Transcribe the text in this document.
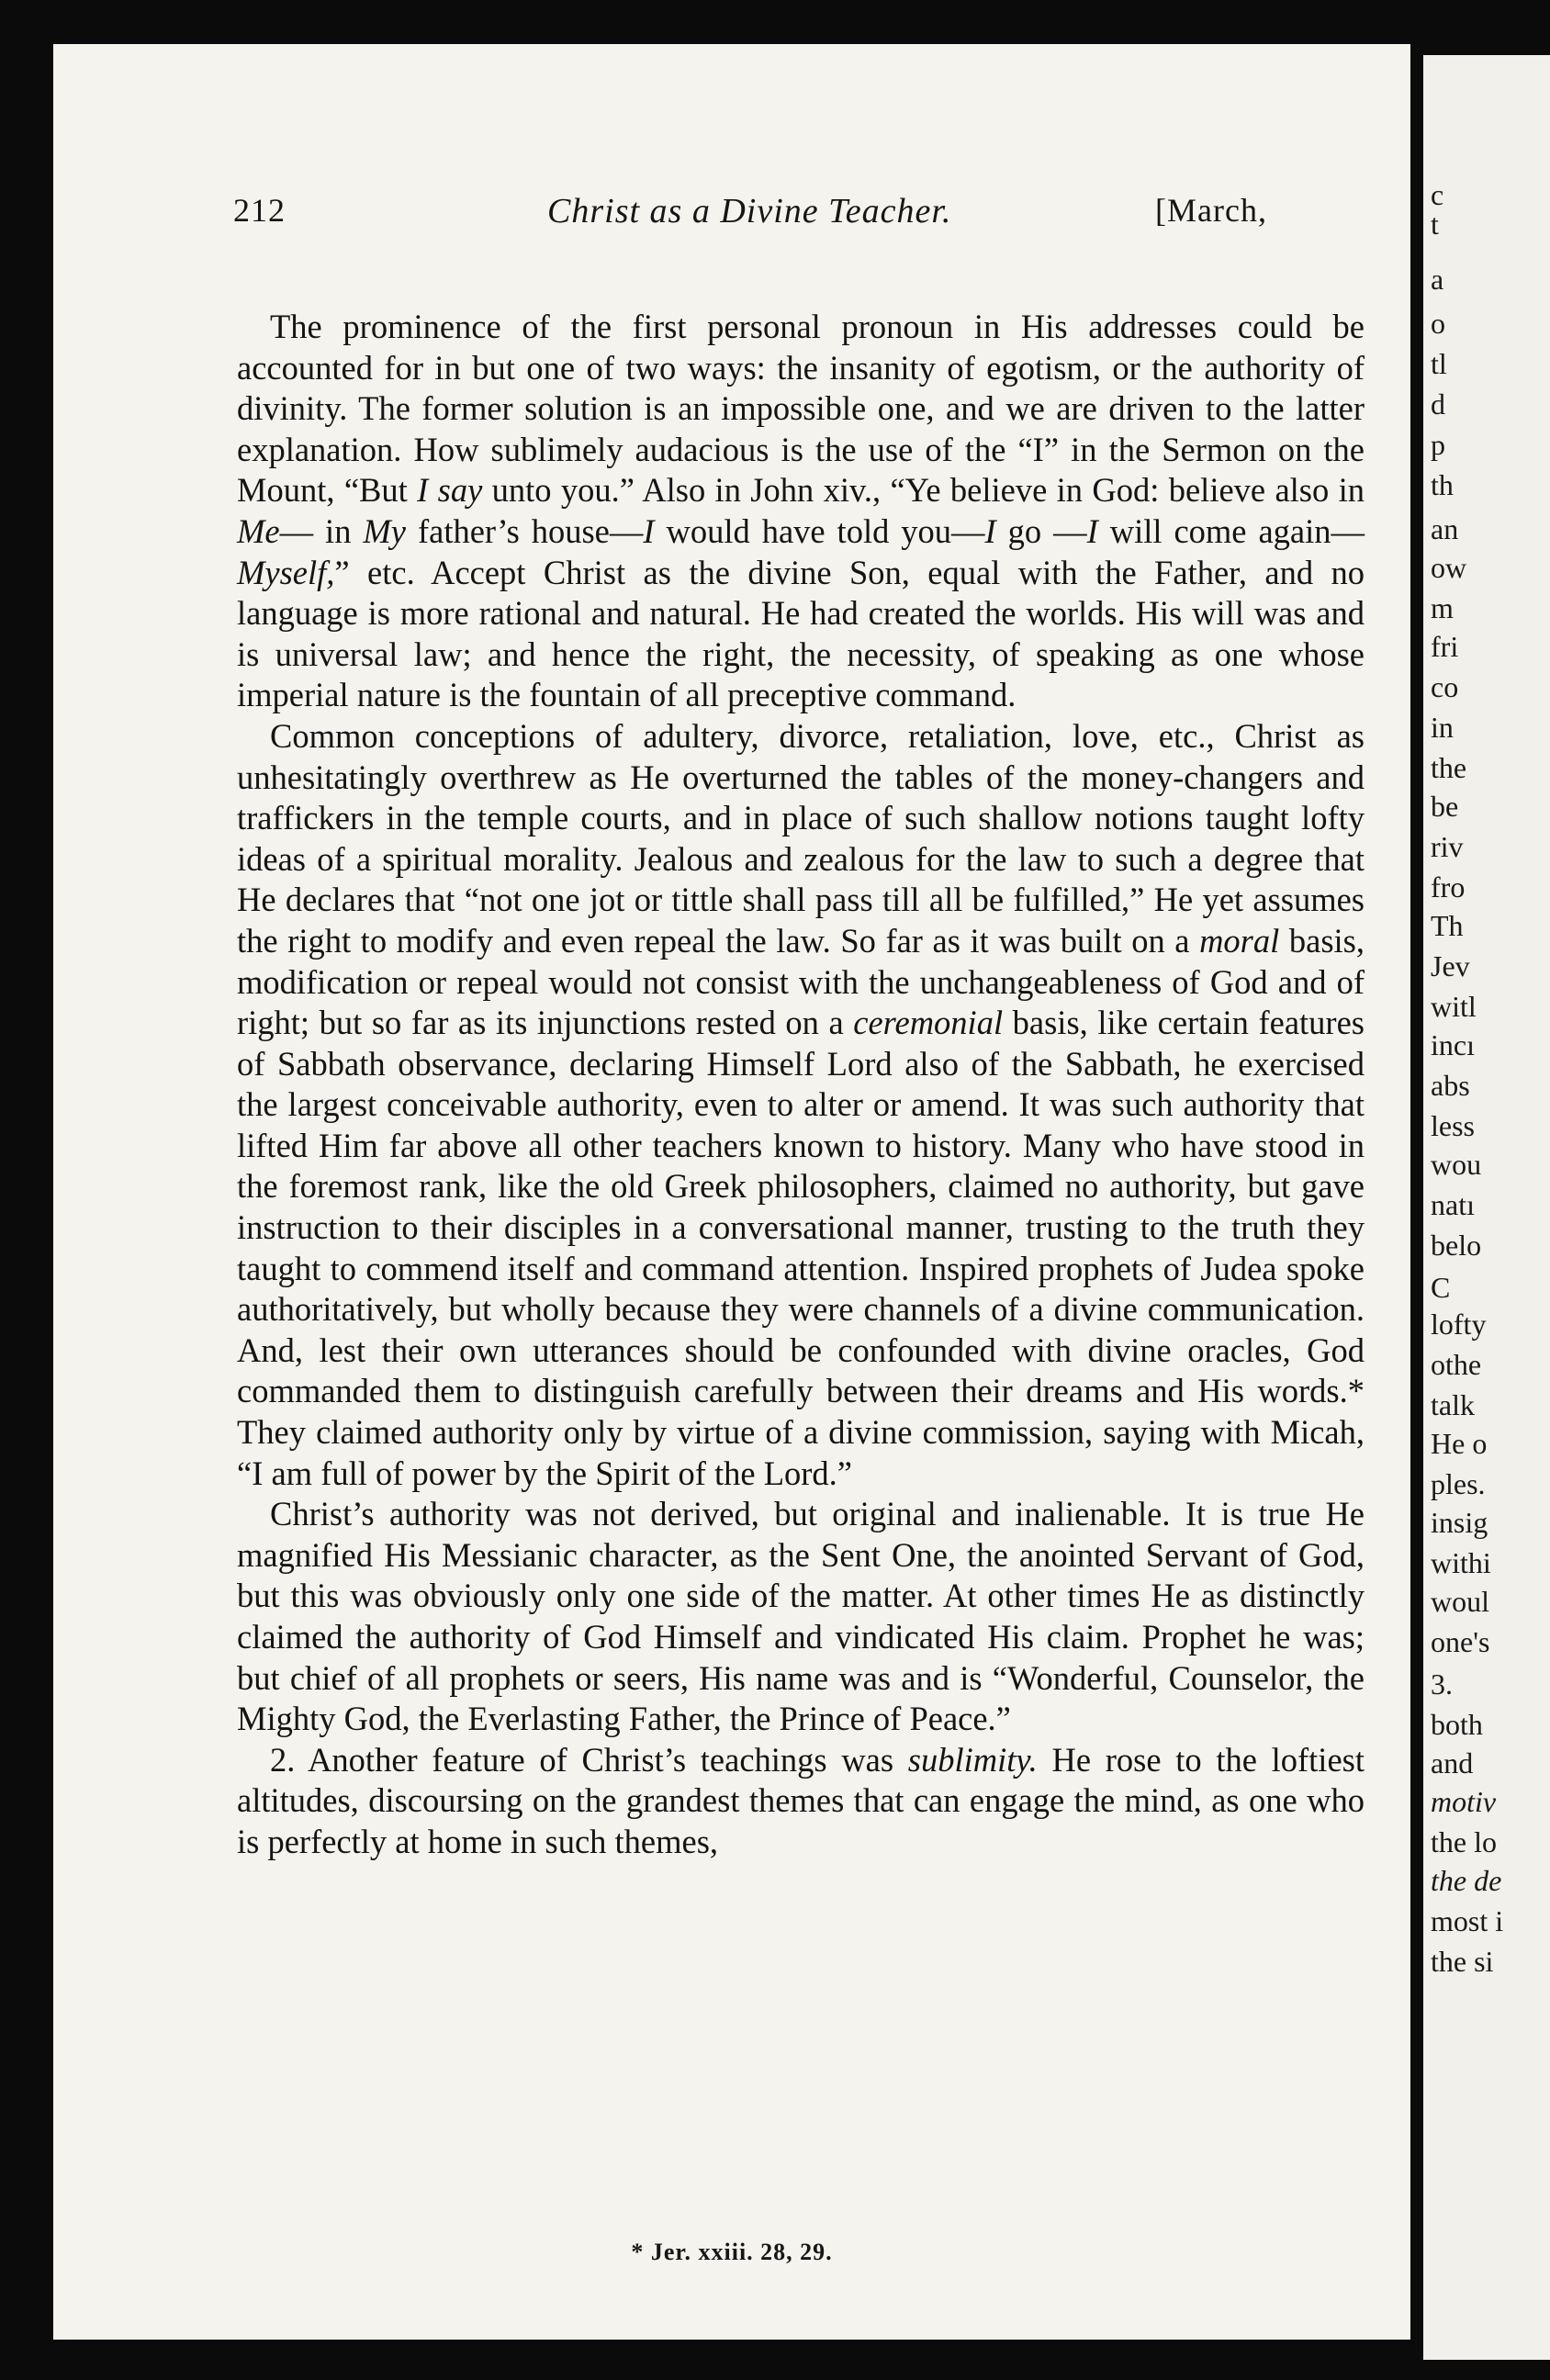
212	Christ as a Divine Teacher.	[March,

The prominence of the first personal pronoun in His addresses could be accounted for in but one of two ways: the insanity of egotism, or the authority of divinity. The former solution is an impossible one, and we are driven to the latter explanation. How sublimely audacious is the use of the “I” in the Sermon on the Mount, “But I say unto you.” Also in John xiv., “Ye believe in God: believe also in Me— in My father’s house—I would have told you—I go —I will come again—Myself,” etc. Accept Christ as the divine Son, equal with the Father, and no language is more rational and natural. He had created the worlds. His will was and is universal law; and hence the right, the necessity, of speaking as one whose imperial nature is the fountain of all preceptive command.

Common conceptions of adultery, divorce, retaliation, love, etc., Christ as unhesitatingly overthrew as He overturned the tables of the money-changers and traffickers in the temple courts, and in place of such shallow notions taught lofty ideas of a spiritual morality. Jealous and zealous for the law to such a degree that He declares that “not one jot or tittle shall pass till all be fulfilled,” He yet assumes the right to modify and even repeal the law. So far as it was built on a moral basis, modification or repeal would not consist with the unchangeableness of God and of right; but so far as its injunctions rested on a ceremonial basis, like certain features of Sabbath observance, declaring Himself Lord also of the Sabbath, he exercised the largest conceivable authority, even to alter or amend. It was such authority that lifted Him far above all other teachers known to history. Many who have stood in the foremost rank, like the old Greek philosophers, claimed no authority, but gave instruction to their disciples in a conversational manner, trusting to the truth they taught to commend itself and command attention. Inspired prophets of Judea spoke authoritatively, but wholly because they were channels of a divine communication. And, lest their own utterances should be confounded with divine oracles, God commanded them to distinguish carefully between their dreams and His words.* They claimed authority only by virtue of a divine commission, saying with Micah, “I am full of power by the Spirit of the Lord.”

Christ’s authority was not derived, but original and inalienable. It is true He magnified His Messianic character, as the Sent One, the anointed Servant of God, but this was obviously only one side of the matter. At other times He as distinctly claimed the authority of God Himself and vindicated His claim. Prophet he was; but chief of all prophets or seers, His name was and is “Wonderful, Counselor, the Mighty God, the Everlasting Father, the Prince of Peace.”

2. Another feature of Christ’s teachings was sublimity. He rose to the loftiest altitudes, discoursing on the grandest themes that can engage the mind, as one who is perfectly at home in such themes,

* Jer. xxiii. 28, 29.
c
t
a
o
tl
d
p
th
an
ow
m
fri
co
in
the
be
riv
fro
Th
Jev
witl
incı
abs
less
wou
natı
belo
C
lofty
othe
talk
He o
ples.
insig
withi
woul
one's
3.
both
and
motiv
the lo
the de
most i
the si
